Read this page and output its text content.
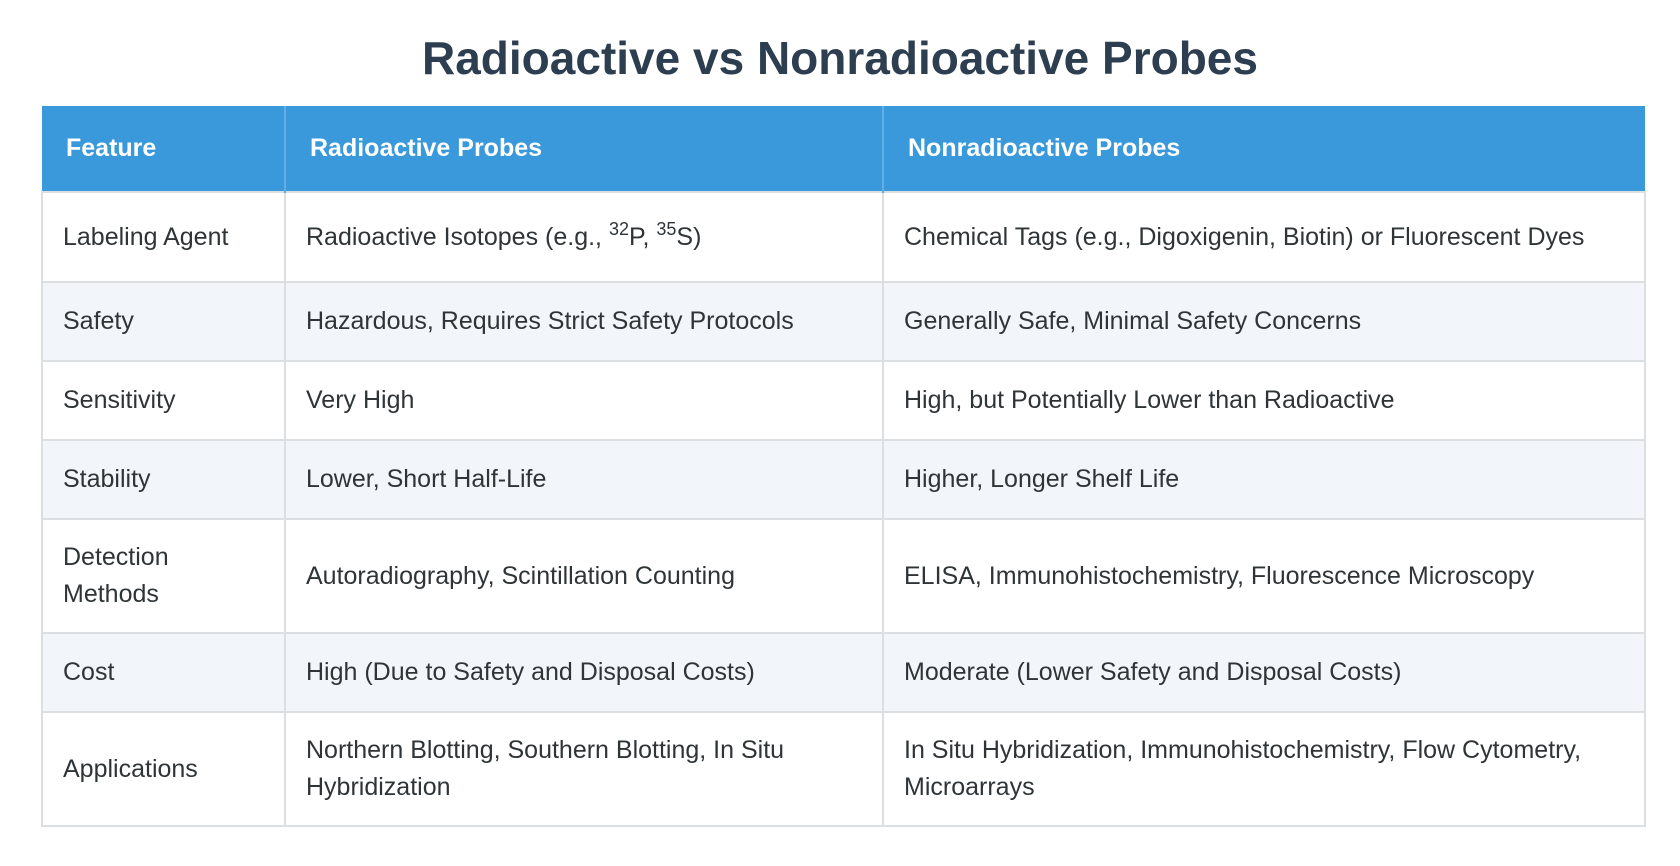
Radioactive vs Nonradioactive Probes
Feature	Radioactive Probes	Nonradioactive Probes
Labeling Agent	Radioactive Isotopes (e.g., $^{32}$P, $^{35}$S)	Chemical Tags (e.g., Digoxigenin, Biotin) or Fluorescent Dyes
Safety	Hazardous, Requires Strict Safety Protocols	Generally Safe, Minimal Safety Concerns
Sensitivity	Very High	High, but Potentially Lower than Radioactive
Stability	Lower, Short Half-Life	Higher, Longer Shelf Life
Detection Methods	Autoradiography, Scintillation Counting	ELISA, Immunohistochemistry, Fluorescence Microscopy
Cost	High (Due to Safety and Disposal Costs)	Moderate (Lower Safety and Disposal Costs)
Applications	Northern Blotting, Southern Blotting, In Situ Hybridization	In Situ Hybridization, Immunohistochemistry, Flow Cytometry, Microarrays
